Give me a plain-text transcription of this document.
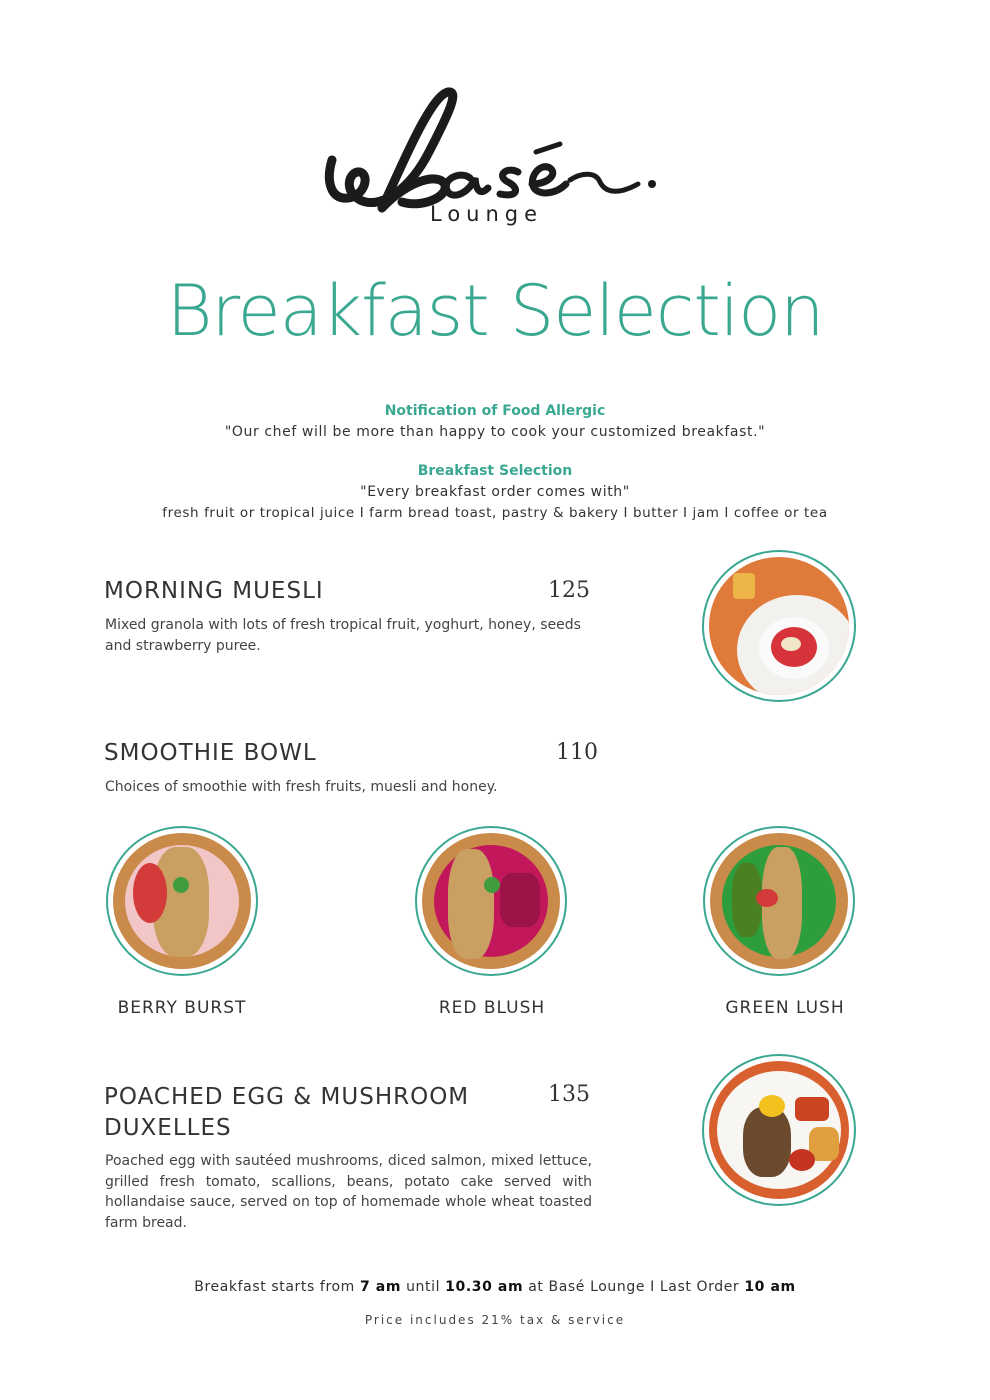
Lounge
Breakfast Selection
Notification of Food Allergic
"Our chef will be more than happy to cook your customized breakfast."
Breakfast Selection
"Every breakfast order comes with"
fresh fruit or tropical juice I farm bread toast, pastry & bakery I butter I jam I coffee or tea
MORNING MUESLI	125
Mixed granola with lots of fresh tropical fruit, yoghurt, honey, seeds
and strawberry puree.
SMOOTHIE BOWL	110
Choices of smoothie with fresh fruits, muesli and honey.
BERRY BURST	RED BLUSH	GREEN LUSH
POACHED EGG & MUSHROOM
DUXELLES
135
Poached egg with sautéed mushrooms, diced salmon, mixed lettuce, grilled fresh tomato, scallions, beans, potato cake served with hollandaise sauce, served on top of homemade whole wheat toasted farm bread.
Breakfast starts from 7 am until 10.30 am at Basé Lounge I Last Order 10 am
Price includes 21% tax & service
